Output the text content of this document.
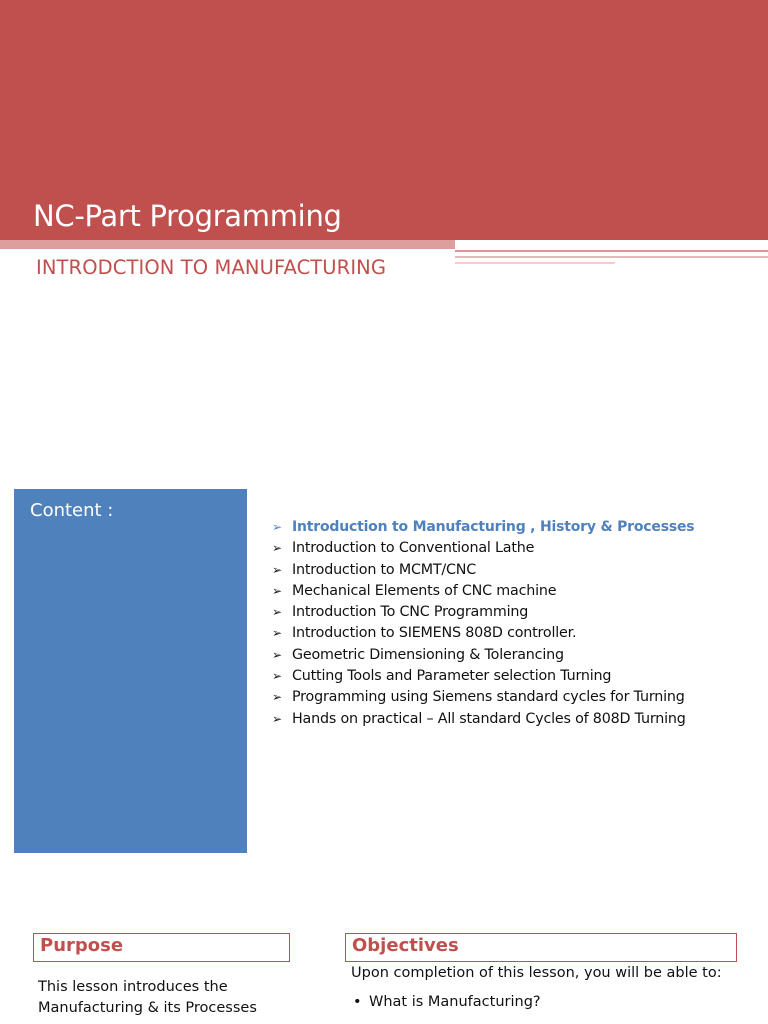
NC-Part Programming
INTRODCTION TO MANUFACTURING
Content :
➢ Introduction to Manufacturing , History & Processes
➢ Introduction to Conventional Lathe
➢ Introduction to MCMT/CNC
➢ Mechanical Elements of CNC machine
➢ Introduction To CNC Programming
➢ Introduction to SIEMENS 808D controller.
➢ Geometric Dimensioning & Tolerancing
➢ Cutting Tools and Parameter selection Turning
➢ Programming using Siemens standard cycles for Turning
➢ Hands on practical – All standard Cycles of 808D Turning
Purpose	Objectives
This lesson introduces the
Manufacturing & its Processes
Upon completion of this lesson, you will be able to:
• What is Manufacturing?
